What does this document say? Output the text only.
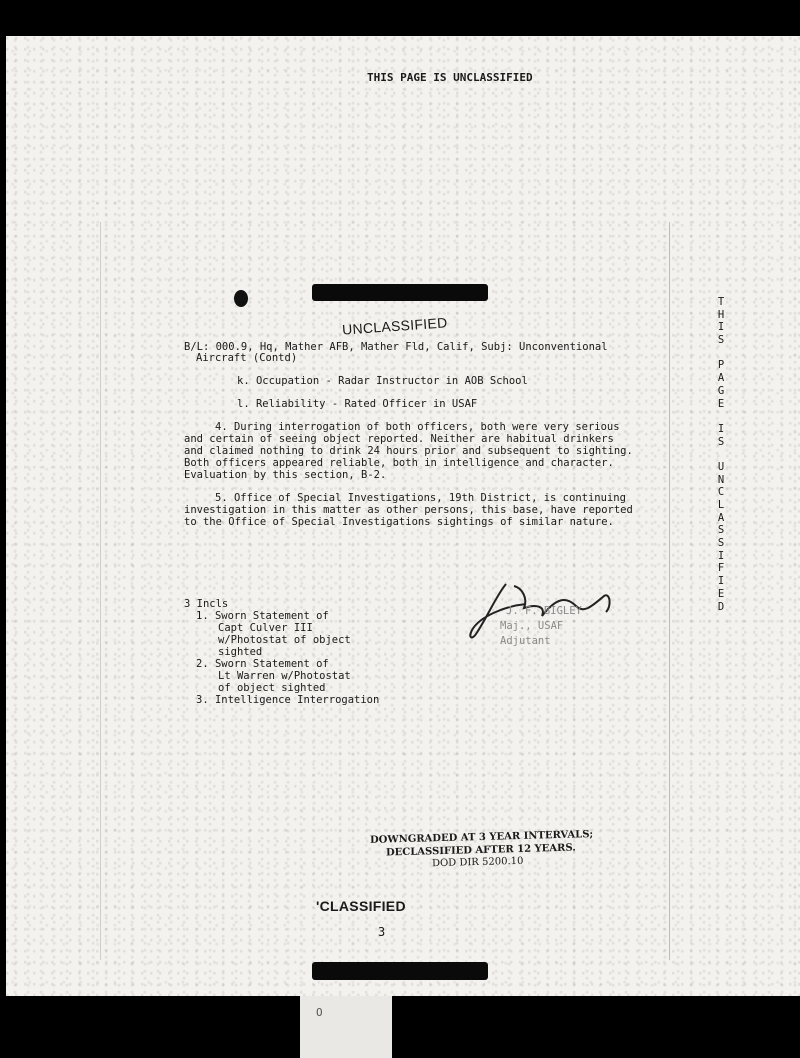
THIS PAGE IS UNCLASSIFIED
T
H
I
S
P
A
G
E
I
S
U
N
C
L
A
S
S
I
F
I
E
D
UNCLASSIFIED
B/L: 000.9, Hq, Mather AFB, Mather Fld, Calif, Subj: Unconventional
Aircraft (Contd)
k. Occupation - Radar Instructor in AOB School
l. Reliability - Rated Officer in USAF
4. During interrogation of both officers, both were very serious
and certain of seeing object reported. Neither are habitual drinkers
and claimed nothing to drink 24 hours prior and subsequent to sighting.
Both officers appeared reliable, both in intelligence and character.
Evaluation by this section, B-2.
5. Office of Special Investigations, 19th District, is continuing
investigation in this matter as other persons, this base, have reported
to the Office of Special Investigations sightings of similar nature.
3 Incls
1. Sworn Statement of
Capt Culver III
w/Photostat of object
sighted
2. Sworn Statement of
Lt Warren w/Photostat
of object sighted
3. Intelligence Interrogation
J. F. BIGLEY
Maj., USAF
Adjutant
DOWNGRADED AT 3 YEAR INTERVALS;
DECLASSIFIED AFTER 12 YEARS.
DOD DIR 5200.10
'CLASSIFIED
3
O
